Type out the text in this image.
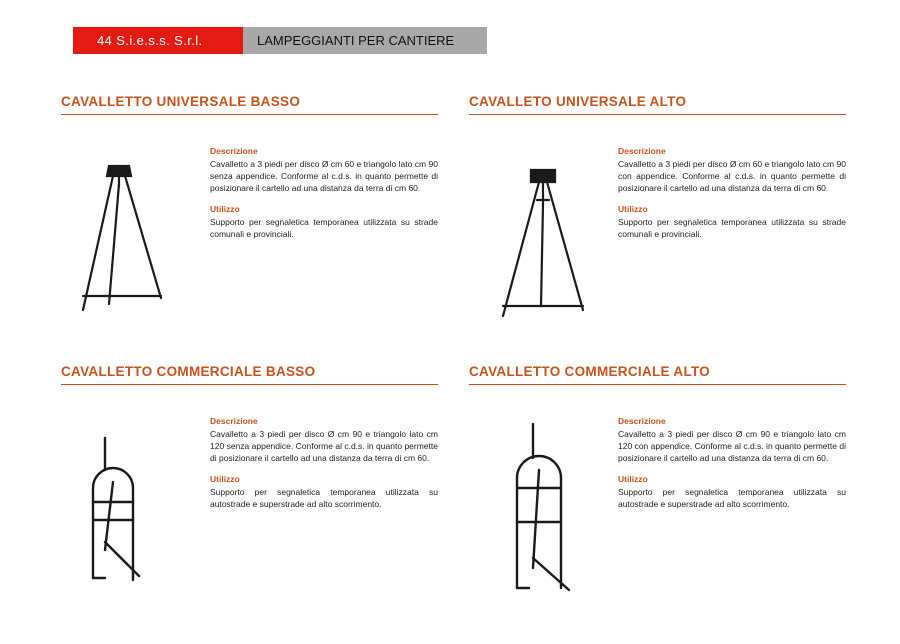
44 S.i.e.s.s. S.r.l.	LAMPEGGIANTI PER CANTIERE
CAVALLETTO UNIVERSALE BASSO

Descrizione

Cavalletto a 3 piedi per disco Ø cm 60 e triangolo lato cm 90 senza appendice. Conforme al c.d.s. in quanto permette di posizionare il cartello ad una distanza da terra di cm 60.

Utilizzo

Supporto per segnaletica temporanea utilizzata su strade comunali e provinciali.

CAVALLETO UNIVERSALE ALTO

Descrizione

Cavalletto a 3 piedi per disco Ø cm 60 e triangolo lato cm 90 con appendice. Conforme al c.d.s. in quanto permette di posizionare il cartello ad una distanza da terra di cm 60.

Utilizzo

Supporto per segnaletica temporanea utilizzata su strade comunali e provinciali.

CAVALLETTO COMMERCIALE BASSO

Descrizione

Cavalletto a 3 piedi per disco Ø cm 90 e triangolo lato cm 120 senza appendice. Conforme al c.d.s. in quanto permette di posizionare il cartello ad una distanza da terra di cm 60.

Utilizzo

Supporto per segnaletica temporanea utilizzata su autostrade e superstrade ad alto scorrimento.

CAVALLETTO COMMERCIALE ALTO

Descrizione

Cavalletto a 3 piedi per disco Ø cm 90 e triangolo lato cm 120 con appendice. Conforme al c.d.s. in quanto permette di posizionare il cartello ad una distanza da terra di cm 60.

Utilizzo

Supporto per segnaletica temporanea utilizzata su autostrade e superstrade ad alto scorrimento.
